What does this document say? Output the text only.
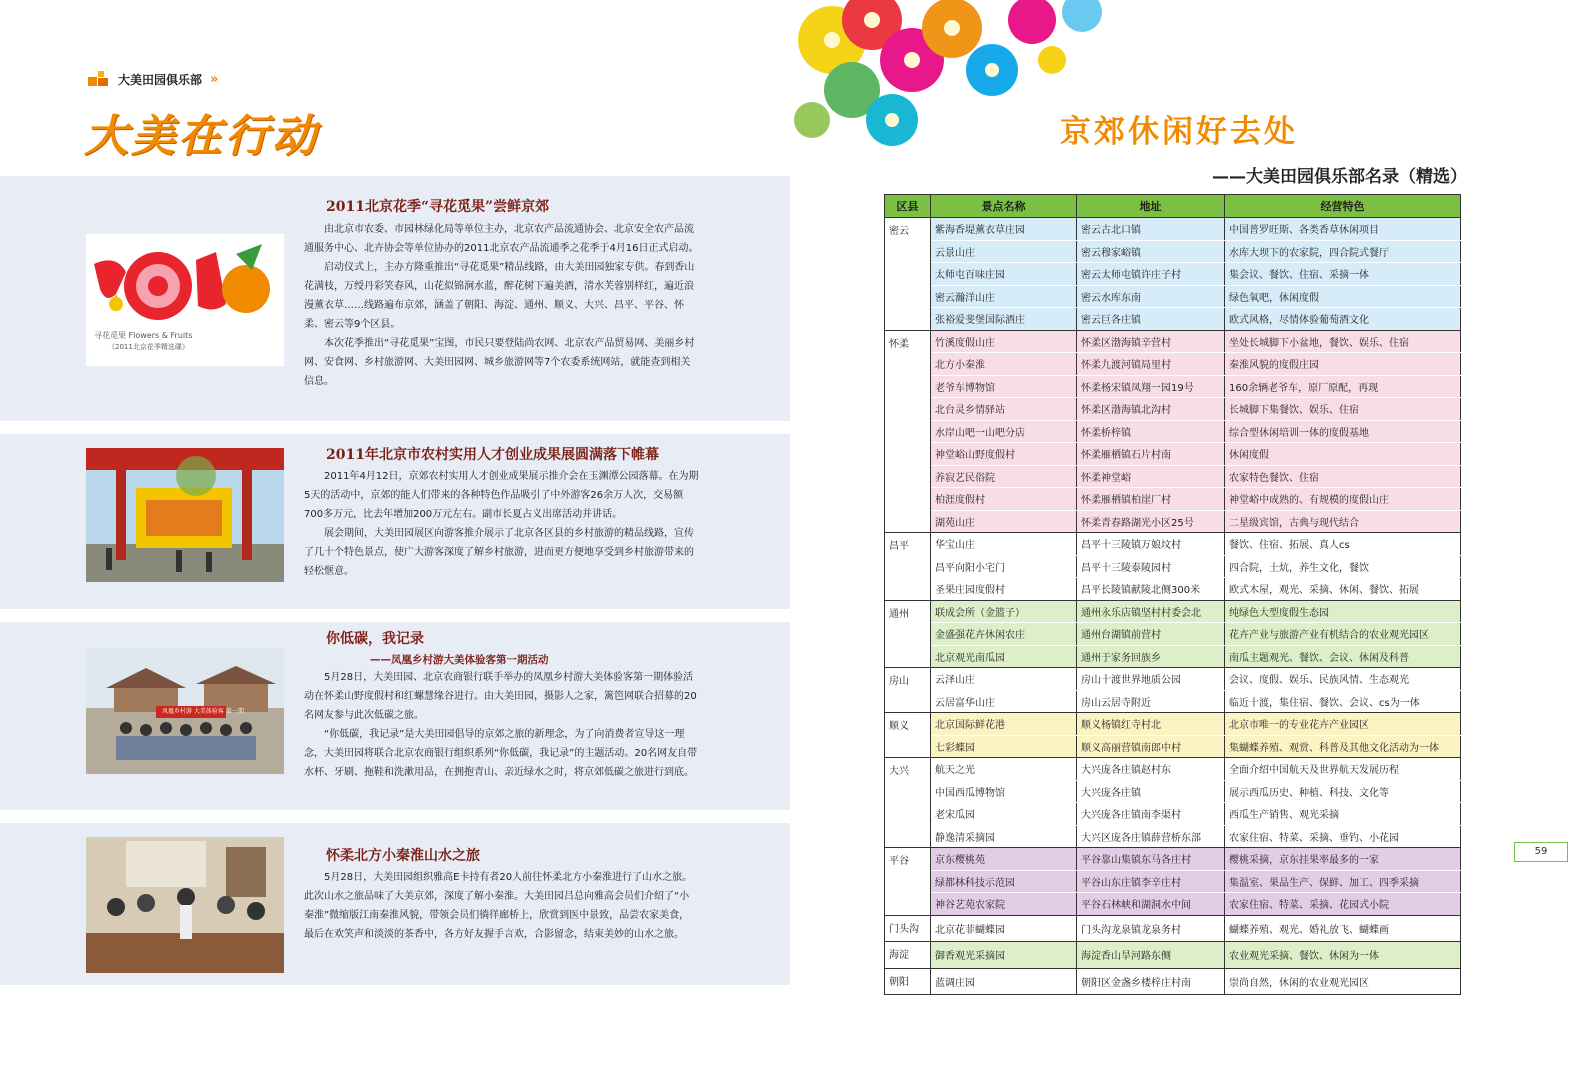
大美田园俱乐部 »
大美在行动
寻花觅果 Flowers & Fruits
《2011北京花季精选碟》
2011北京花季“寻花觅果”尝鲜京郊

由北京市农委、市园林绿化局等单位主办，北京农产品流通协会、北京安全农产品流通服务中心、北卉协会等单位协办的2011北京农产品流通季之花季于4月16日正式启动。

启动仪式上，主办方隆重推出“寻花觅果”精品线路，由大美田园独家专供。春到香山花满枝，万绶丹彩笑春风，山花似锦涧水蓝，醉花树下遍美酒，清水芙蓉别样红，遍近浪漫薰衣草……线路遍布京郊，涵盖了朝阳、海淀、通州、顺义、大兴、昌平、平谷、怀柔、密云等9个区县。

本次花季推出“寻花觅果”宝图，市民只要登陆尚农网、北京农产品贸易网、美丽乡村网、安食网、乡村旅游网、大美田园网、城乡旅游网等7个农委系统网站，就能查到相关信息。

2011年北京市农村实用人才创业成果展圆满落下帷幕

2011年4月12日，京郊农村实用人才创业成果展示推介会在玉渊潭公园落幕。在为期5天的活动中，京郊的能人们带来的各种特色作品吸引了中外游客26余万人次，交易额700多万元，比去年增加200万元左右。副市长夏占义出席活动并讲话。

展会期间，大美田园展区向游客推介展示了北京各区县的乡村旅游的精品线路，宣传了几十个特色景点，使广大游客深度了解乡村旅游，进而更方便地享受到乡村旅游带来的轻松惬意。

凤凰乡村游 大美体验客 第一期
你低碳，我记录
——凤凰乡村游大美体验客第一期活动

5月28日，大美田园、北京农商银行联手举办的凤凰乡村游大美体验客第一期体验活动在怀柔山野度假村和红螺慧缘谷进行。由大美田园，摄影人之家，篱笆网联合招募的20名网友参与此次低碳之旅。

“你低碳，我记录”是大美田园倡导的京郊之旅的新理念，为了向消费者宣导这一理念，大美田园将联合北京农商银行组织系列“你低碳，我记录”的主题活动。20名网友自带水杯、牙刷、拖鞋和洗漱用品，在拥抱青山、亲近绿水之时，将京郊低碳之旅进行到底。

怀柔北方小秦淮山水之旅

5月28日，大美田园组织雅高E卡持有者20人前往怀柔北方小秦淮进行了山水之旅。此次山水之旅品味了大美京郊，深度了解小秦淮。大美田园吕总向雅高会员们介绍了“小秦淮”微缩版江南秦淮风貌，带领会员们徜徉廊桥上，欣赏到医中景致，品尝农家美食，最后在欢笑声和淡淡的茶香中，各方好友握手言欢，合影留念，结束美妙的山水之旅。

京郊休闲好去处
——大美田园俱乐部名录（精选）
区县	景点名称	地址	经营特色
密云	紫海香堤薰衣草庄园	密云古北口镇	中国普罗旺斯、各类香草休闲项目
	云景山庄	密云穆家峪镇	水库大坝下的农家院，四合院式餐厅
	太师屯百味庄园	密云太师屯镇许庄子村	集会议、餐饮、住宿、采摘一体
	密云瀚洋山庄	密云水库东南	绿色氧吧，休闲度假
	张裕爱斐堡国际酒庄	密云巨各庄镇	欧式风格，尽情体验葡萄酒文化
怀柔	竹溪度假山庄	怀柔区渤海镇辛营村	坐处长城脚下小盆地，餐饮、娱乐、住宿
	北方小秦淮	怀柔九渡河镇局里村	秦淮风貌的度假庄园
	老爷车博物馆	怀柔杨宋镇凤翔一园19号	160余辆老爷车，原厂原配，再现
	北台灵乡情驿站	怀柔区渤海镇北沟村	长城脚下集餐饮、娱乐、住宿
	水岸山吧一山吧分店	怀柔桥梓镇	综合型休闲培训一体的度假基地
	神堂峪山野度假村	怀柔雁栖镇石片村南	休闲度假
	养寂艺民俗院	怀柔神堂峪	农家特色餐饮、住宿
	柏涯度假村	怀柔雁栖镇柏崖厂村	神堂峪中成熟的、有规模的度假山庄
	湖苑山庄	怀柔青春路湖光小区25号	二星级宾馆，古典与现代结合
昌平	华宝山庄	昌平十三陵镇万娘坟村	餐饮、住宿、拓展、真人cs
	昌平向阳小宅门	昌平十三陵泰陵园村	四合院，土炕，养生文化，餐饮
	圣果庄园度假村	昌平长陵镇献陵北侧300米	欧式木屋，观光、采摘、休闲、餐饮、拓展
通州	联成会所（金篮子）	通州永乐店镇坚村村委会北	纯绿色大型度假生态园
	金盛强花卉休闲农庄	通州台湖镇前营村	花卉产业与旅游产业有机结合的农业观光园区
	北京观光南瓜园	通州于家务回族乡	南瓜主题观光、餐饮、会议、休闲及科普
房山	云泽山庄	房山十渡世界地质公园	会议、度假、娱乐、民族风情、生态观光
	云居富华山庄	房山云居寺附近	临近十渡，集住宿、餐饮、会议、cs为一体
顺义	北京国际鲜花港	顺义杨镇红寺村北	北京市唯一的专业花卉产业园区
	七彩蝶园	顺义高丽营镇南郎中村	集蝴蝶养殖、观赏、科普及其他文化活动为一体
大兴	航天之光	大兴庞各庄镇赵村东	全面介绍中国航天及世界航天发展历程
	中国西瓜博物馆	大兴庞各庄镇	展示西瓜历史、种植、科技、文化等
	老宋瓜园	大兴庞各庄镇南李渠村	西瓜生产销售、观光采摘
	静逸清采摘园	大兴区庞各庄镇薛营桥东部	农家住宿、特菜、采摘、垂钓、小花园
平谷	京东樱桃苑	平谷靠山集镇东马各庄村	樱桃采摘，京东挂果率最多的一家
	绿都林科技示范园	平谷山东庄镇李辛庄村	集温室、果品生产、保鲜、加工、四季采摘
	神谷艺苑农家院	平谷石林峡和湖洞水中间	农家住宿、特菜、采摘、花园式小院
门头沟	北京花菲蝴蝶园	门头沟龙泉镇龙泉务村	蝴蝶养殖、观光、婚礼放飞、蝴蝶画
海淀	御香观光采摘园	海淀香山旱河路东侧	农业观光采摘、餐饮、休闲为一体
朝阳	蓝调庄园	朝阳区金盏乡楼梓庄村南	崇尚自然，休闲的农业观光园区
59
